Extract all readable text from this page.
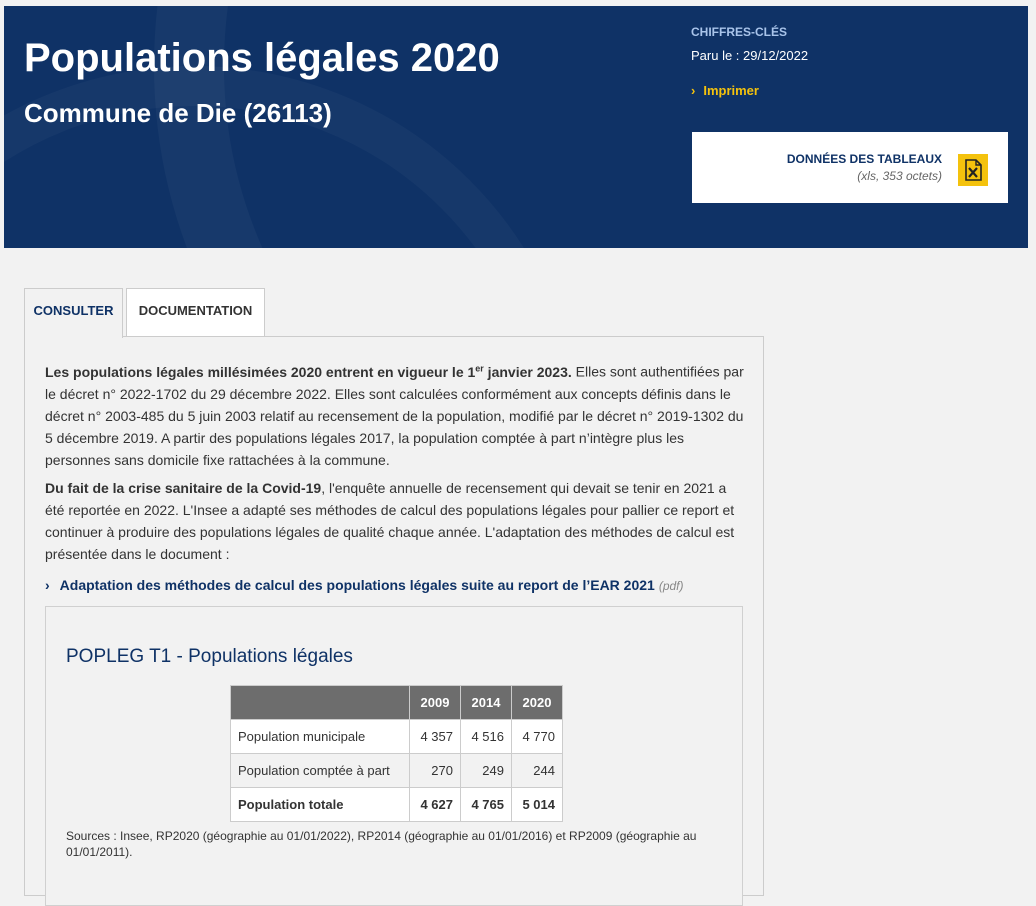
Populations légales 2020
Commune de Die (26113)
CHIFFRES-CLÉS
Paru le : 29/12/2022
› Imprimer
DONNÉES DES TABLEAUX
(xls, 353 octets)
CONSULTER	DOCUMENTATION

Les populations légales millésimées 2020 entrent en vigueur le 1er janvier 2023. Elles sont authentifiées par le décret n° 2022-1702 du 29 décembre 2022. Elles sont calculées conformément aux concepts définis dans le décret n° 2003-485 du 5 juin 2003 relatif au recensement de la population, modifié par le décret n° 2019-1302 du 5 décembre 2019. A partir des populations légales 2017, la population comptée à part n’intègre plus les personnes sans domicile fixe rattachées à la commune.

Du fait de la crise sanitaire de la Covid-19, l'enquête annuelle de recensement qui devait se tenir en 2021 a été reportée en 2022. L'Insee a adapté ses méthodes de calcul des populations légales pour pallier ce report et continuer à produire des populations légales de qualité chaque année. L'adaptation des méthodes de calcul est présentée dans le document :

› Adaptation des méthodes de calcul des populations légales suite au report de l’EAR 2021 (pdf)
POPLEG T1 - Populations légales
	2009	2014	2020
Population municipale	4 357	4 516	4 770
Population comptée à part	270	249	244
Population totale	4 627	4 765	5 014

Sources : Insee, RP2020 (géographie au 01/01/2022), RP2014 (géographie au 01/01/2016) et RP2009 (géographie au 01/01/2011).
